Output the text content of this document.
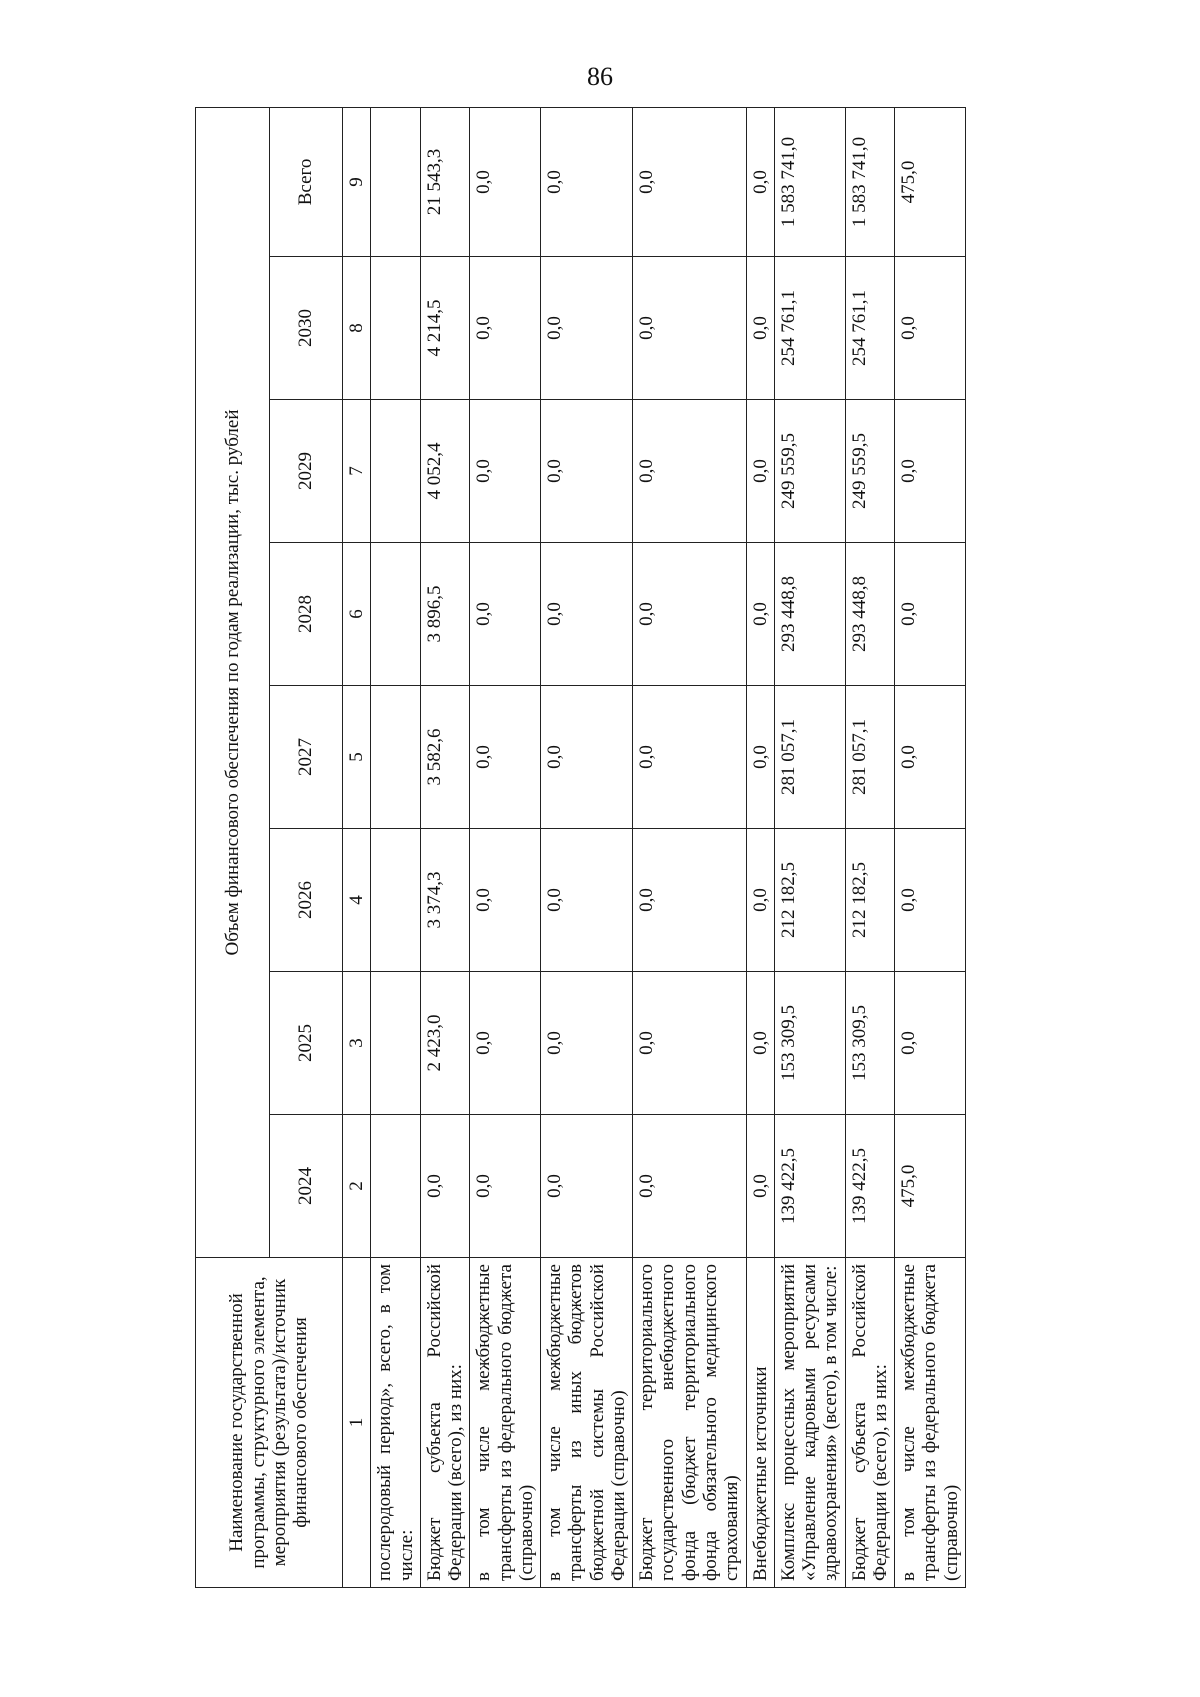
86
Наименование государственной программы, структурного элемента, мероприятия (результата)/источник финансового обеспечения	Объем финансового обеспечения по годам реализации, тыс. рублей							
	2024	2025	2026	2027	2028	2029	2030	Всего
1	2	3	4	5	6	7	8	9
послеродовый период», всего, в том числе:								
Бюджет субъекта Российской Федерации (всего), из них:	0,0	2 423,0	3 374,3	3 582,6	3 896,5	4 052,4	4 214,5	21 543,3
в том числе межбюджетные трансферты из федерального бюджета (справочно)	0,0	0,0	0,0	0,0	0,0	0,0	0,0	0,0
в том числе межбюджетные трансферты из иных бюджетов бюджетной системы Российской Федерации (справочно)	0,0	0,0	0,0	0,0	0,0	0,0	0,0	0,0
Бюджет территориального государственного внебюджетного фонда (бюджет территориального фонда обязательного медицинского страхования)	0,0	0,0	0,0	0,0	0,0	0,0	0,0	0,0
Внебюджетные источники	0,0	0,0	0,0	0,0	0,0	0,0	0,0	0,0
Комплекс процессных мероприятий «Управление кадровыми ресурсами здравоохранения» (всего), в том числе:	139 422,5	153 309,5	212 182,5	281 057,1	293 448,8	249 559,5	254 761,1	1 583 741,0
Бюджет субъекта Российской Федерации (всего), из них:	139 422,5	153 309,5	212 182,5	281 057,1	293 448,8	249 559,5	254 761,1	1 583 741,0
в том числе межбюджетные трансферты из федерального бюджета (справочно)	475,0	0,0	0,0	0,0	0,0	0,0	0,0	475,0
